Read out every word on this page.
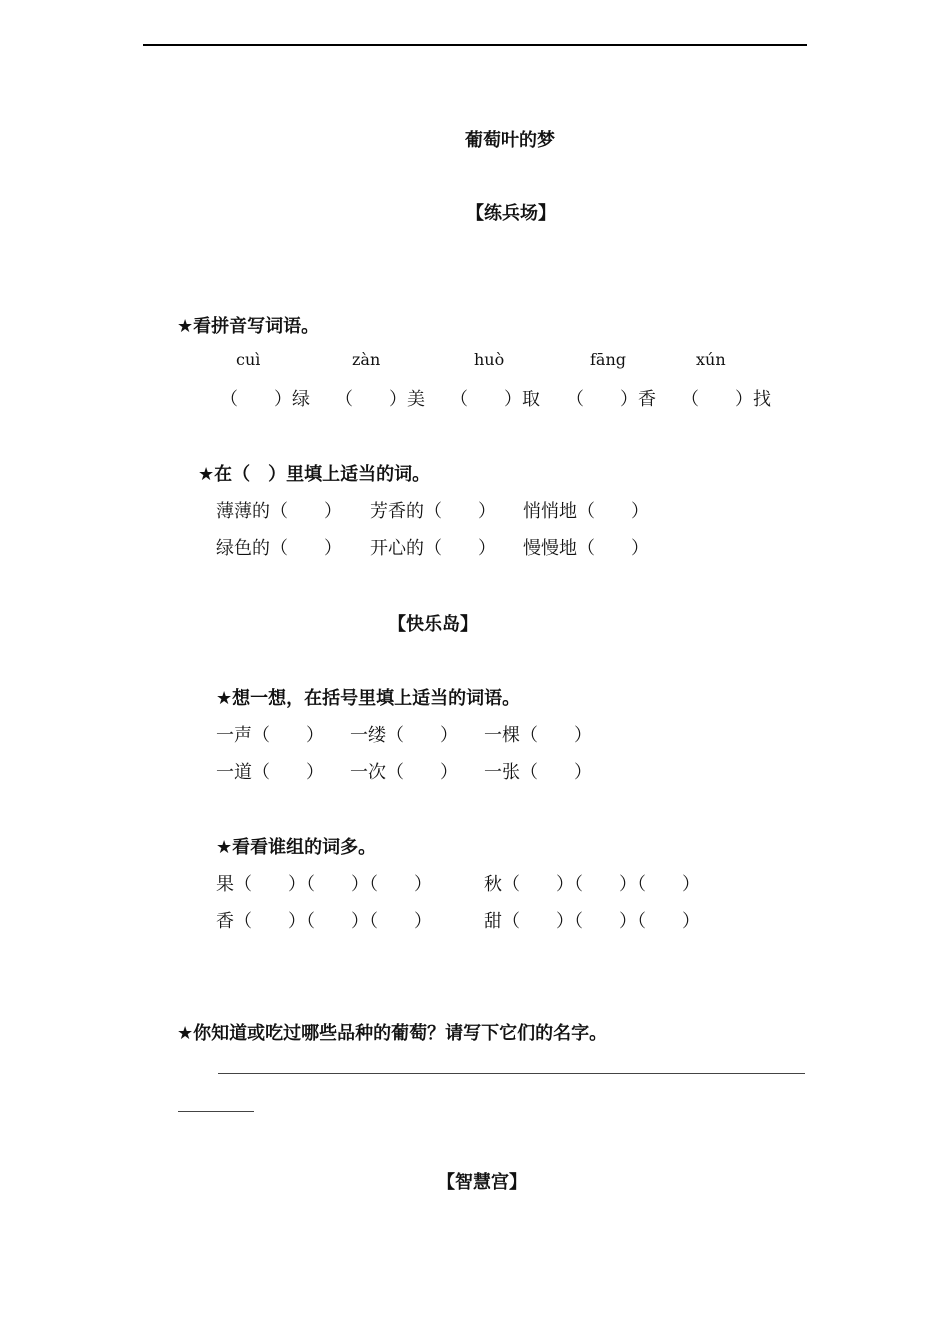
葡萄叶的梦
【练兵场】
★看拼音写词语。
cuì	zàn	huò	fāng	xún
（　　）绿 （　　）美 （　　）取 （　　）香 （　　）找
★在（　）里填上适当的词。
薄薄的（　　） 芳香的（　　） 悄悄地（　　）
绿色的（　　） 开心的（　　） 慢慢地（　　）
【快乐岛】
★想一想，在括号里填上适当的词语。
一声（　　） 一缕（　　） 一棵（　　）
一道（　　） 一次（　　） 一张（　　）
★看看谁组的词多。
果（　　）（　　）（　　）	秋（　　）（　　）（　　）
香（　　）（　　）（　　）	甜（　　）（　　）（　　）
★你知道或吃过哪些品种的葡萄？请写下它们的名字。
【智慧宫】
